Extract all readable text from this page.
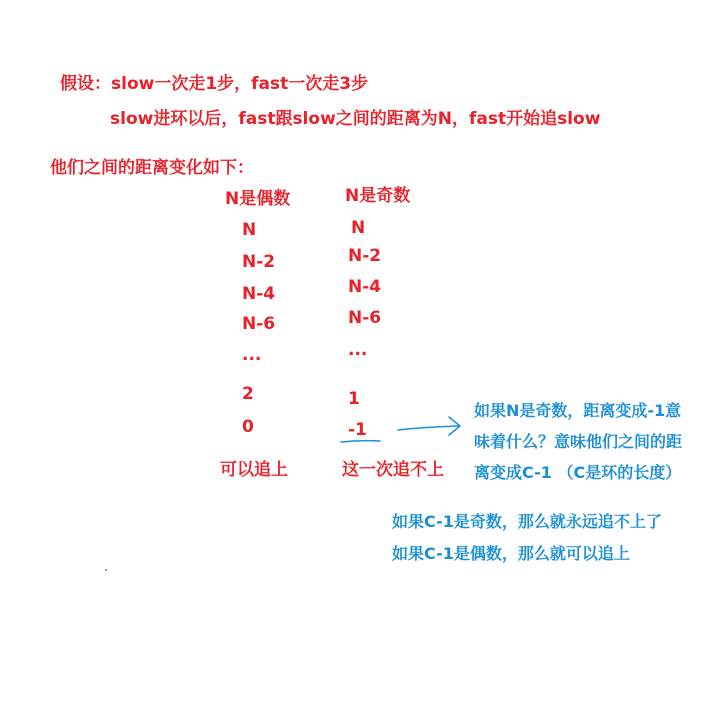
假设：slow一次走1步，fast一次走3步
slow进环以后，fast跟slow之间的距离为N，fast开始追slow
他们之间的距离变化如下：
N是偶数	N是奇数
N
N-2
N-4
N-6
...
2
0
N
N-2
N-4
N-6
...
1
-1
可以追上	这一次追不上
如果N是奇数，距离变成-1意
味着什么？意味他们之间的距
离变成C-1 （C是环的长度）
如果C-1是奇数，那么就永远追不上了
如果C-1是偶数，那么就可以追上
